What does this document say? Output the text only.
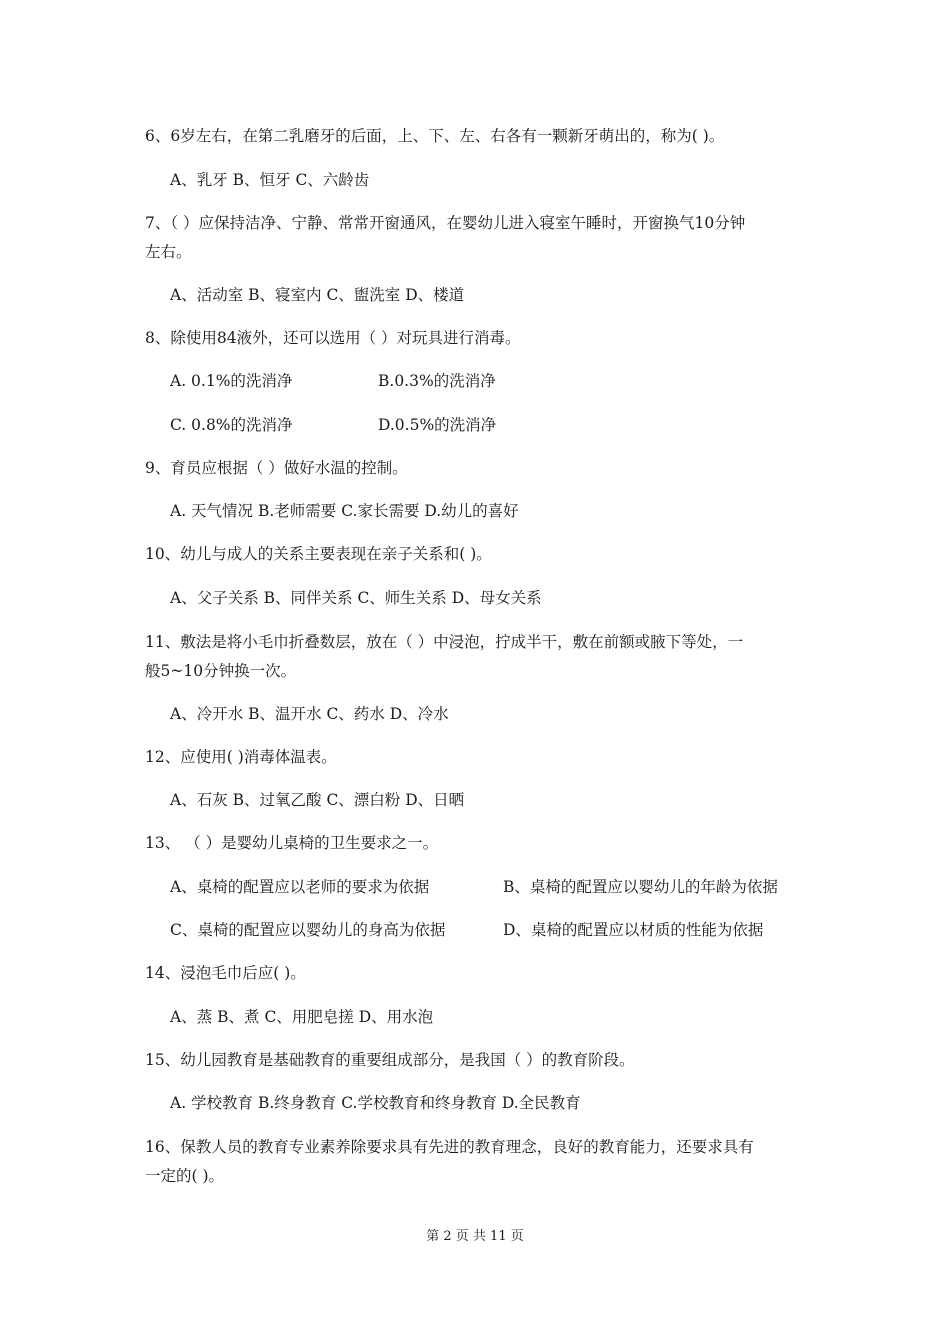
6、6岁左右，在第二乳磨牙的后面，上、下、左、右各有一颗新牙萌出的，称为( )。
A、乳牙 B、恒牙 C、六龄齿
7、（ ）应保持洁净、宁静、常常开窗通风，在婴幼儿进入寝室午睡时，开窗换气10分钟
左右。
A、活动室 B、寝室内 C、盥洗室 D、楼道
8、除使用84液外，还可以选用（ ）对玩具进行消毒。
A. 0.1%的洗消净	B.0.3%的洗消净
C. 0.8%的洗消净	D.0.5%的洗消净
9、育员应根据（ ）做好水温的控制。
A. 天气情况 B.老师需要 C.家长需要 D.幼儿的喜好
10、幼儿与成人的关系主要表现在亲子关系和( )。
A、父子关系 B、同伴关系 C、师生关系 D、母女关系
11、敷法是将小毛巾折叠数层，放在（ ）中浸泡，拧成半干，敷在前额或腋下等处，一
般5~10分钟换一次。
A、冷开水 B、温开水 C、药水 D、冷水
12、应使用( )消毒体温表。
A、石灰 B、过氧乙酸 C、漂白粉 D、日晒
13、 （ ）是婴幼儿桌椅的卫生要求之一。
A、桌椅的配置应以老师的要求为依据	B、桌椅的配置应以婴幼儿的年龄为依据
C、桌椅的配置应以婴幼儿的身高为依据	D、桌椅的配置应以材质的性能为依据
14、浸泡毛巾后应( )。
A、蒸 B、煮 C、用肥皂搓 D、用水泡
15、幼儿园教育是基础教育的重要组成部分，是我国（ ）的教育阶段。
A. 学校教育 B.终身教育 C.学校教育和终身教育 D.全民教育
16、保教人员的教育专业素养除要求具有先进的教育理念，良好的教育能力，还要求具有
一定的( )。
第 2 页 共 11 页
